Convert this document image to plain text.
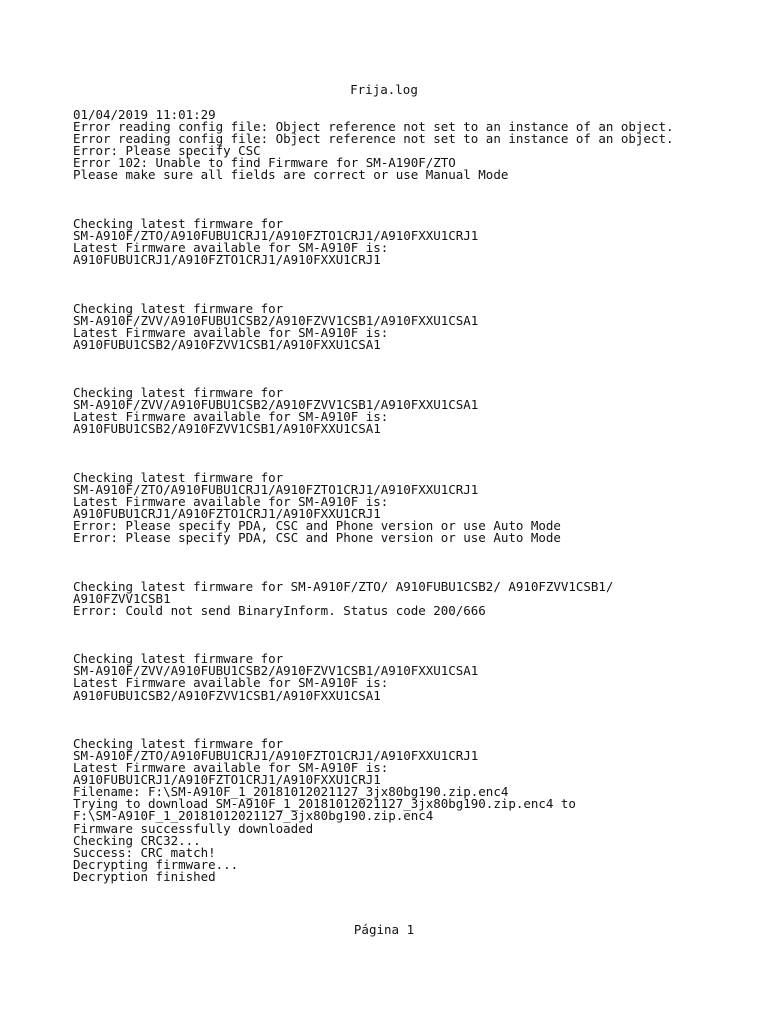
Frija.log
01/04/2019 11:01:29
Error reading config file: Object reference not set to an instance of an object.
Error reading config file: Object reference not set to an instance of an object.
Error: Please specify CSC
Error 102: Unable to find Firmware for SM-A190F/ZTO
Please make sure all fields are correct or use Manual Mode
Checking latest firmware for
SM-A910F/ZTO/A910FUBU1CRJ1/A910FZTO1CRJ1/A910FXXU1CRJ1
Latest Firmware available for SM-A910F is:
A910FUBU1CRJ1/A910FZTO1CRJ1/A910FXXU1CRJ1
Checking latest firmware for
SM-A910F/ZVV/A910FUBU1CSB2/A910FZVV1CSB1/A910FXXU1CSA1
Latest Firmware available for SM-A910F is:
A910FUBU1CSB2/A910FZVV1CSB1/A910FXXU1CSA1
Checking latest firmware for
SM-A910F/ZVV/A910FUBU1CSB2/A910FZVV1CSB1/A910FXXU1CSA1
Latest Firmware available for SM-A910F is:
A910FUBU1CSB2/A910FZVV1CSB1/A910FXXU1CSA1
Checking latest firmware for
SM-A910F/ZTO/A910FUBU1CRJ1/A910FZTO1CRJ1/A910FXXU1CRJ1
Latest Firmware available for SM-A910F is:
A910FUBU1CRJ1/A910FZTO1CRJ1/A910FXXU1CRJ1
Error: Please specify PDA, CSC and Phone version or use Auto Mode
Error: Please specify PDA, CSC and Phone version or use Auto Mode
Checking latest firmware for SM-A910F/ZTO/ A910FUBU1CSB2/ A910FZVV1CSB1/
A910FZVV1CSB1
Error: Could not send BinaryInform. Status code 200/666
Checking latest firmware for
SM-A910F/ZVV/A910FUBU1CSB2/A910FZVV1CSB1/A910FXXU1CSA1
Latest Firmware available for SM-A910F is:
A910FUBU1CSB2/A910FZVV1CSB1/A910FXXU1CSA1
Checking latest firmware for
SM-A910F/ZTO/A910FUBU1CRJ1/A910FZTO1CRJ1/A910FXXU1CRJ1
Latest Firmware available for SM-A910F is:
A910FUBU1CRJ1/A910FZTO1CRJ1/A910FXXU1CRJ1
Filename: F:\SM-A910F_1_20181012021127_3jx80bg190.zip.enc4
Trying to download SM-A910F_1_20181012021127_3jx80bg190.zip.enc4 to
F:\SM-A910F_1_20181012021127_3jx80bg190.zip.enc4
Firmware successfully downloaded
Checking CRC32...
Success: CRC match!
Decrypting firmware...
Decryption finished
Página 1
